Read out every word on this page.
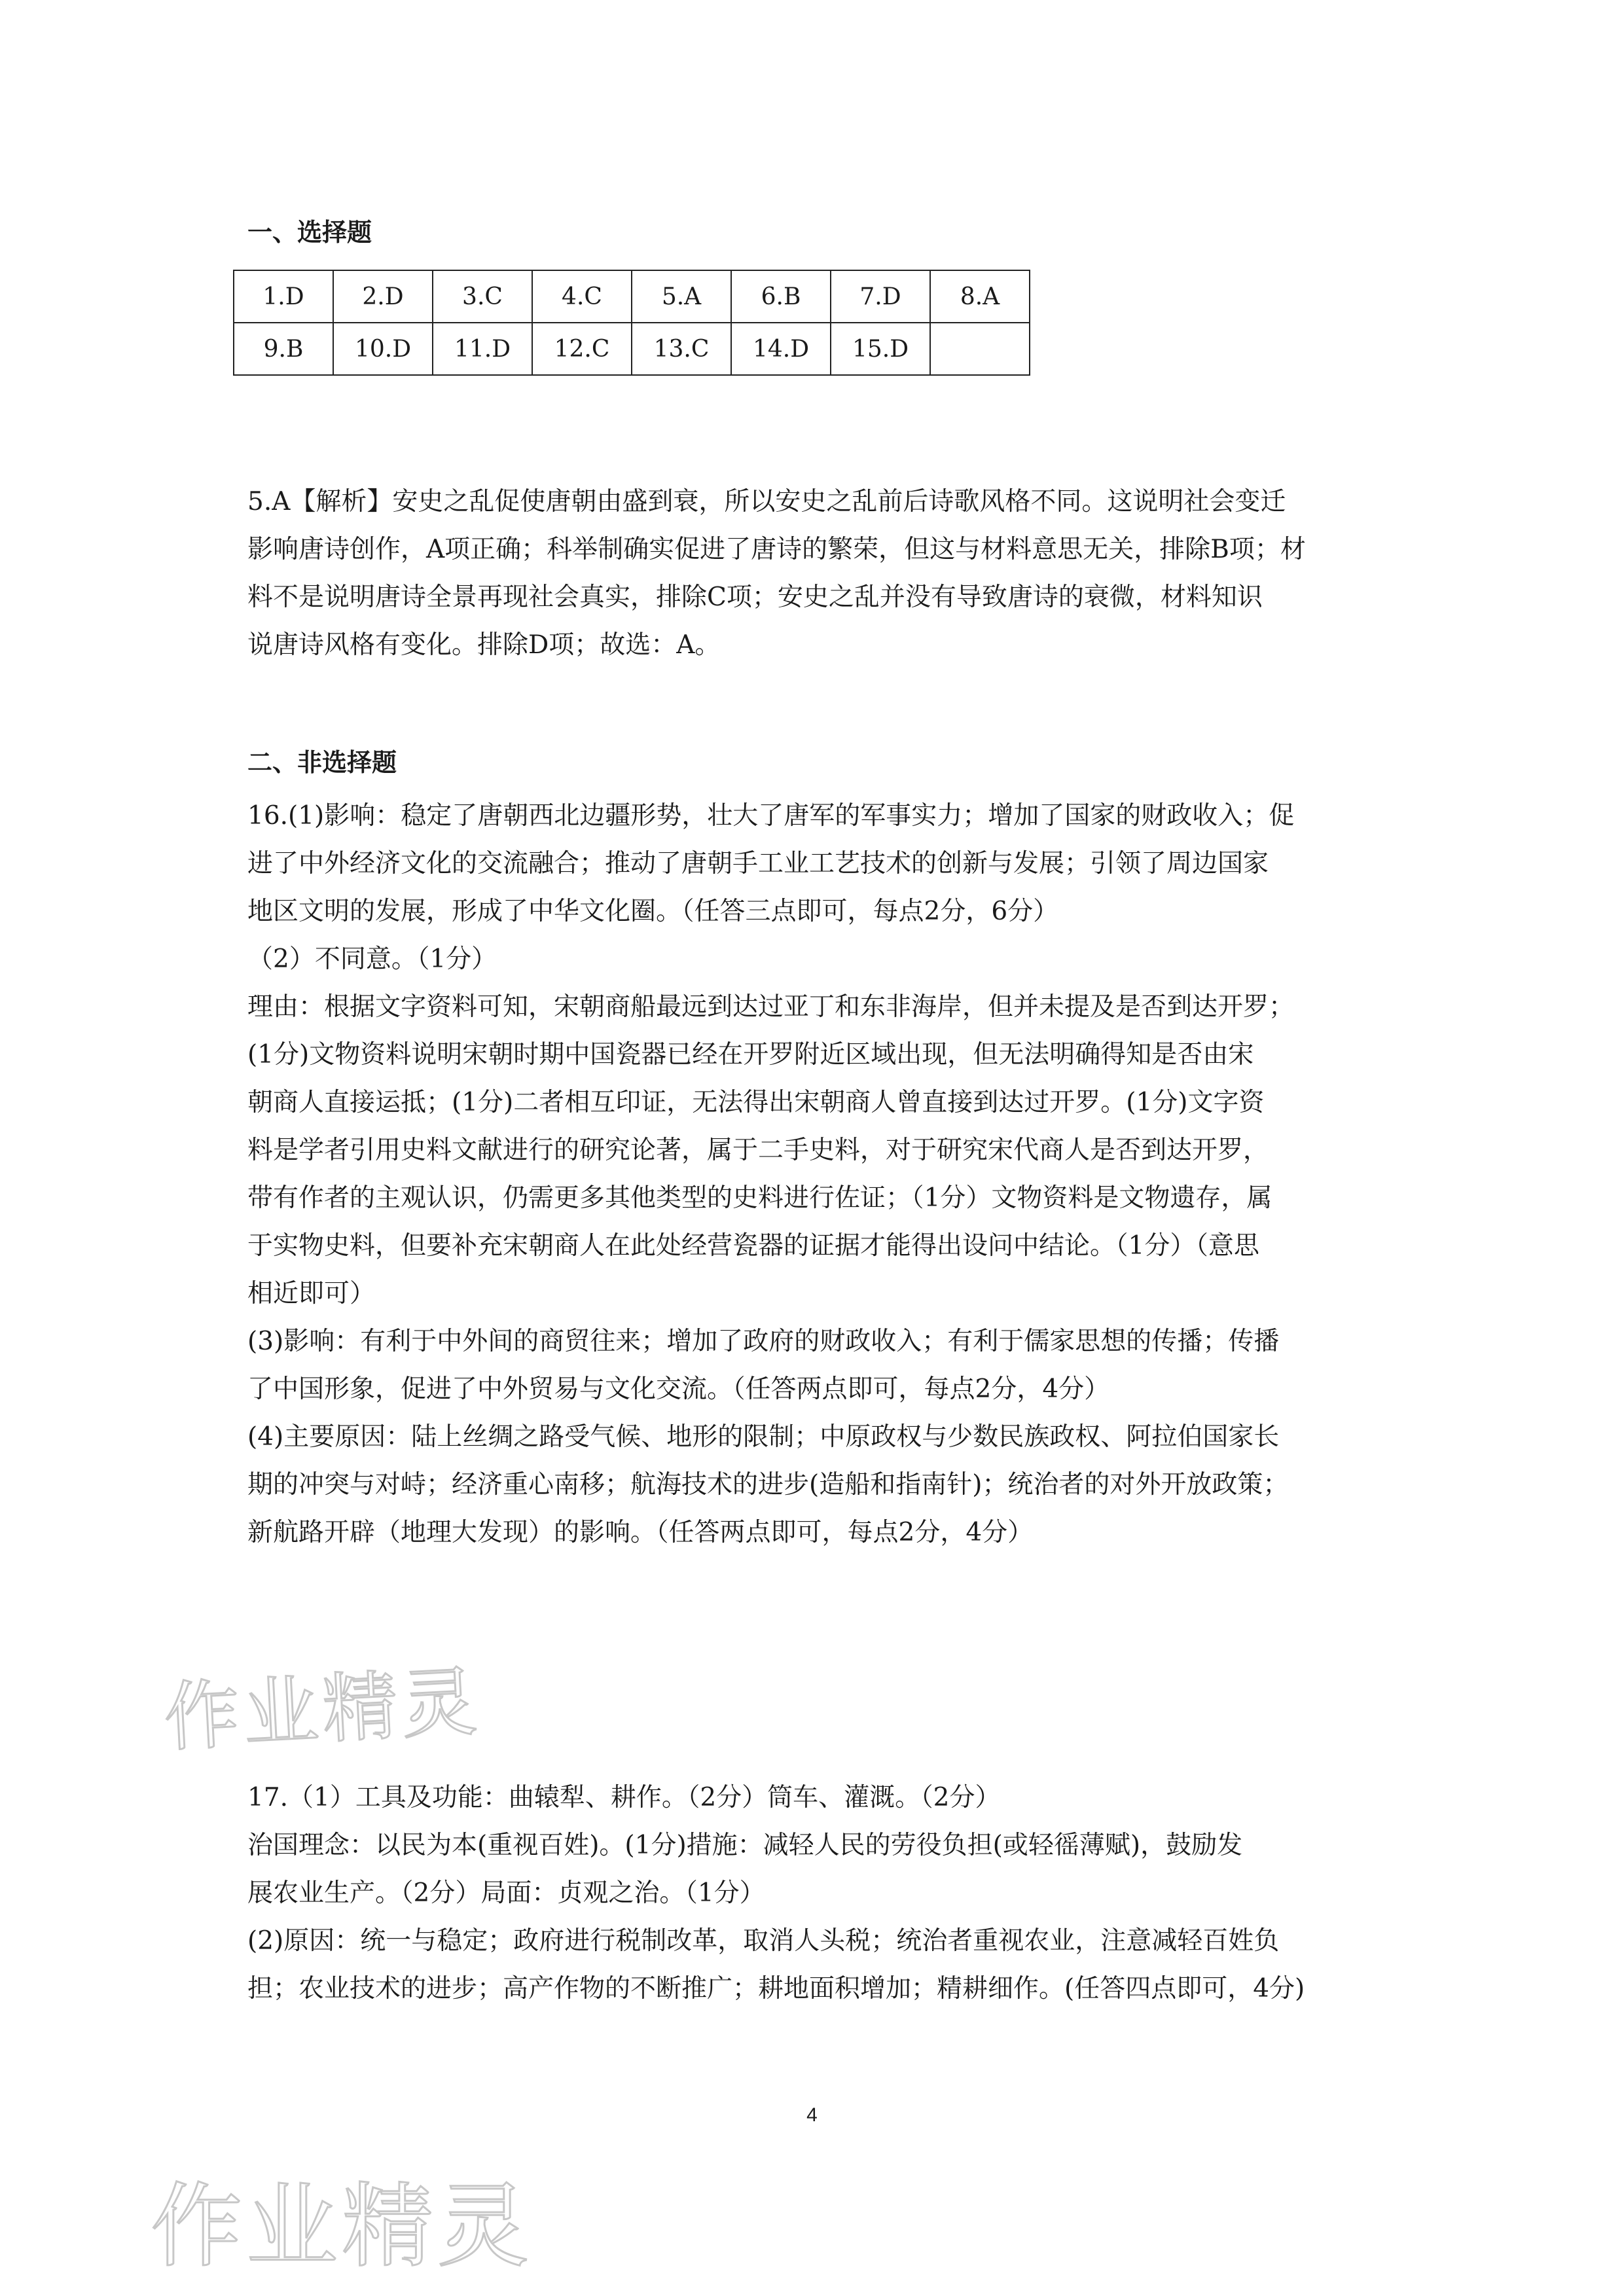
一、选择题
1.D	2.D	3.C	4.C	5.A	6.B	7.D	8.A
9.B	10.D	11.D	12.C	13.C	14.D	15.D	

5.A【解析】安史之乱促使唐朝由盛到衰，所以安史之乱前后诗歌风格不同。这说明社会变迁
影响唐诗创作，A项正确；科举制确实促进了唐诗的繁荣，但这与材料意思无关，排除B项；材
料不是说明唐诗全景再现社会真实，排除C项；安史之乱并没有导致唐诗的衰微，材料知识
说唐诗风格有变化。排除D项；故选：A。

二、非选择题

16.(1)影响：稳定了唐朝西北边疆形势，壮大了唐军的军事实力；增加了国家的财政收入；促
进了中外经济文化的交流融合；推动了唐朝手工业工艺技术的创新与发展；引领了周边国家
地区文明的发展，形成了中华文化圈。（任答三点即可，每点2分，6分）
（2）不同意。（1分）
理由：根据文字资料可知，宋朝商船最远到达过亚丁和东非海岸，但并未提及是否到达开罗；
(1分)文物资料说明宋朝时期中国瓷器已经在开罗附近区域出现，但无法明确得知是否由宋
朝商人直接运抵；(1分)二者相互印证，无法得出宋朝商人曾直接到达过开罗。(1分)文字资
料是学者引用史料文献进行的研究论著，属于二手史料，对于研究宋代商人是否到达开罗，
带有作者的主观认识，仍需更多其他类型的史料进行佐证；（1分）文物资料是文物遗存，属
于实物史料，但要补充宋朝商人在此处经营瓷器的证据才能得出设问中结论。（1分）（意思
相近即可）
(3)影响：有利于中外间的商贸往来；增加了政府的财政收入；有利于儒家思想的传播；传播
了中国形象，促进了中外贸易与文化交流。（任答两点即可，每点2分，4分）
(4)主要原因：陆上丝绸之路受气候、地形的限制；中原政权与少数民族政权、阿拉伯国家长
期的冲突与对峙；经济重心南移；航海技术的进步(造船和指南针)；统治者的对外开放政策；
新航路开辟（地理大发现）的影响。（任答两点即可，每点2分，4分）

17.（1）工具及功能：曲辕犁、耕作。（2分）筒车、灌溉。（2分）
治国理念：以民为本(重视百姓)。(1分)措施：减轻人民的劳役负担(或轻徭薄赋)，鼓励发
展农业生产。（2分）局面：贞观之治。（1分）
(2)原因：统一与稳定；政府进行税制改革，取消人头税；统治者重视农业，注意减轻百姓负
担；农业技术的进步；高产作物的不断推广；耕地面积增加；精耕细作。(任答四点即可，4分)

4
作业精灵
作业精灵
